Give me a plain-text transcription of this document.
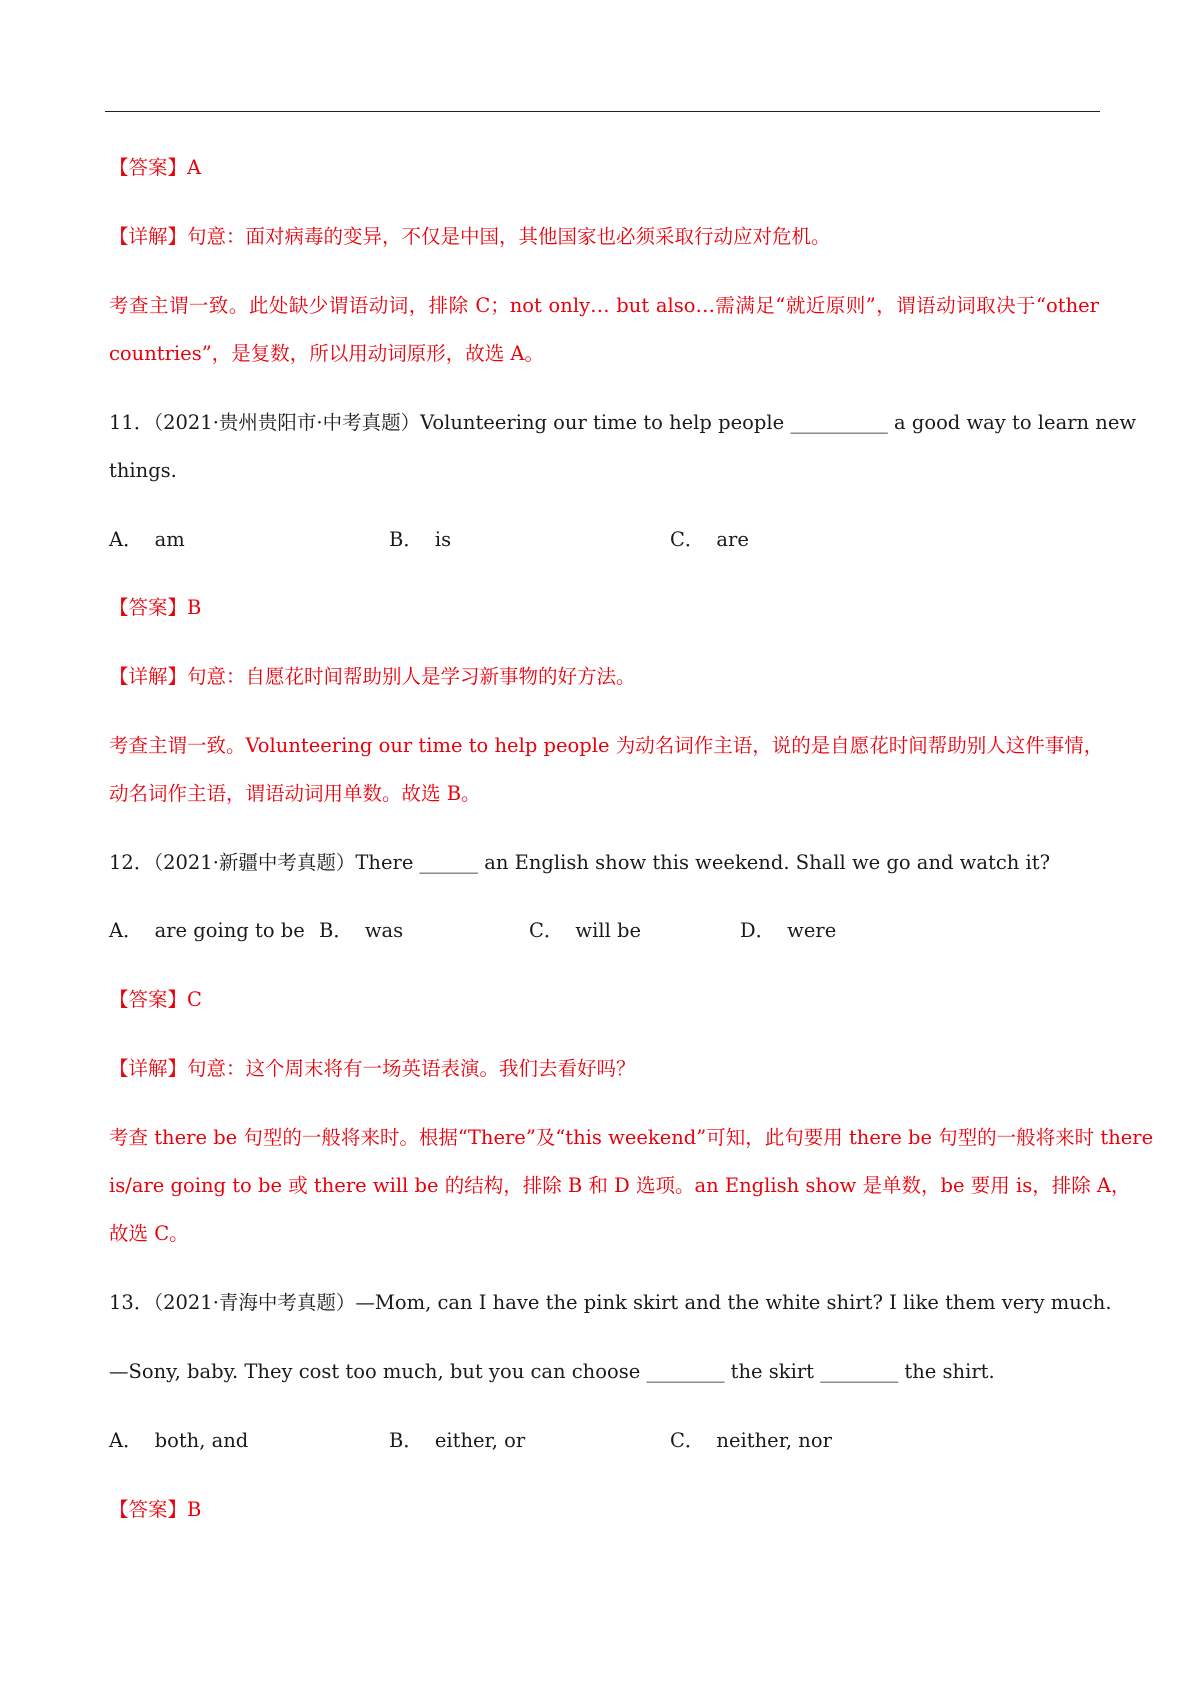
【答案】A
【详解】句意：面对病毒的变异，不仅是中国，其他国家也必须采取行动应对危机。
考查主谓一致。此处缺少谓语动词，排除 C；not only… but also…需满足“就近原则”，谓语动词取决于“other
countries”，是复数，所以用动词原形，故选 A。
11．（2021·贵州贵阳市·中考真题）Volunteering our time to help people __________ a good way to learn new
things.
A． am	B． is	C． are
【答案】B
【详解】句意：自愿花时间帮助别人是学习新事物的好方法。
考查主谓一致。Volunteering our time to help people 为动名词作主语，说的是自愿花时间帮助别人这件事情，
动名词作主语，谓语动词用单数。故选 B。
12．（2021·新疆中考真题）There ______ an English show this weekend. Shall we go and watch it?
A． are going to be B． was	C． will be	D． were
【答案】C
【详解】句意：这个周末将有一场英语表演。我们去看好吗？
考查 there be 句型的一般将来时。根据“There”及“this weekend”可知，此句要用 there be 句型的一般将来时 there
is/are going to be 或 there will be 的结构，排除 B 和 D 选项。an English show 是单数，be 要用 is，排除 A，
故选 C。
13．（2021·青海中考真题）—Mom, can I have the pink skirt and the white shirt? I like them very much.
—Sony, baby. They cost too much, but you can choose ________ the skirt ________ the shirt.
A． both, and	B． either, or	C． neither, nor
【答案】B
